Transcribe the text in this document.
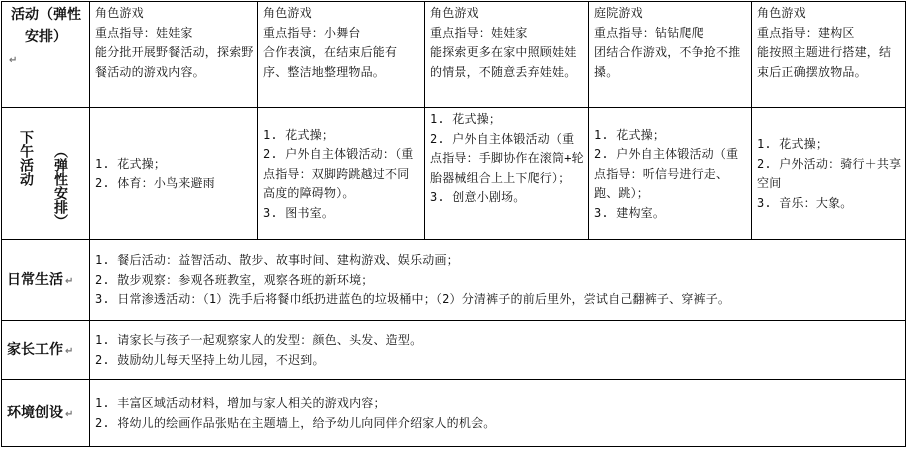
活动（弹性安排）
↵	角色游戏
重点指导：娃娃家
能分批开展野餐活动，探索野餐活动的游戏内容。	角色游戏
重点指导：小舞台
合作表演，在结束后能有序、整洁地整理物品。	角色游戏
重点指导：娃娃家
能探索更多在家中照顾娃娃的情景，不随意丢弃娃娃。	庭院游戏
重点指导：钻钻爬爬
团结合作游戏，不争抢不推搡。	角色游戏
重点指导：建构区
能按照主题进行搭建，结束后正确摆放物品。

下午活动 （弹性安排）	1. 花式操；
2. 体育：小鸟来避雨	1. 花式操；
2. 户外自主体锻活动：（重点指导：双脚跨跳越过不同高度的障碍物）。
3. 图书室。	1. 花式操；
2. 户外自主体锻活动（重点指导：手脚协作在滚筒+轮胎器械组合上上下爬行）；
3. 创意小剧场。	1. 花式操；
2. 户外自主体锻活动（重点指导：听信号进行走、跑、跳）；
3. 建构室。	1. 花式操；
2. 户外活动：骑行＋共享空间
3. 音乐：大象。

日常生活 ↵	1. 餐后活动：益智活动、散步、故事时间、建构游戏、娱乐动画；
2. 散步观察：参观各班教室，观察各班的新环境；
3. 日常渗透活动：（1）洗手后将餐巾纸扔进蓝色的垃圾桶中；（2）分清裤子的前后里外，尝试自己翻裤子、穿裤子。				

家长工作 ↵	1. 请家长与孩子一起观察家人的发型：颜色、头发、造型。
2. 鼓励幼儿每天坚持上幼儿园，不迟到。				

环境创设 ↵	1. 丰富区域活动材料，增加与家人相关的游戏内容；
2. 将幼儿的绘画作品张贴在主题墙上，给予幼儿向同伴介绍家人的机会。				
